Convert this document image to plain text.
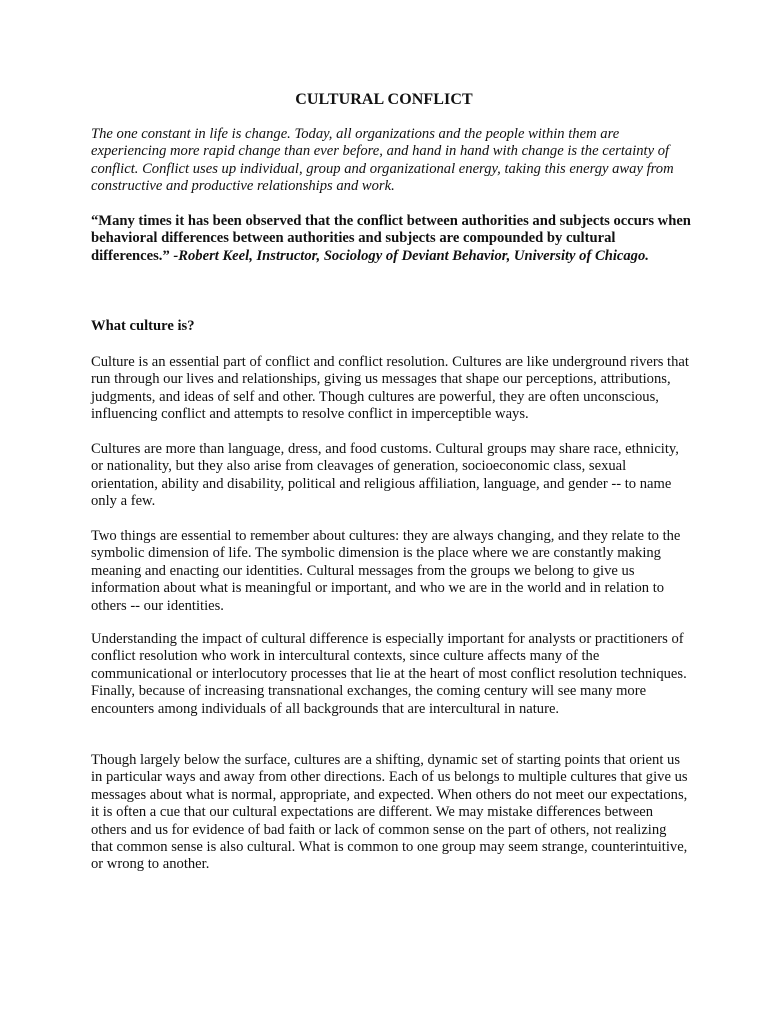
CULTURAL CONFLICT
The one constant in life is change. Today, all organizations and the people within them are experiencing more rapid change than ever before, and hand in hand with change is the certainty of conflict. Conflict uses up individual, group and organizational energy, taking this energy away from constructive and productive relationships and work.
“Many times it has been observed that the conflict between authorities and subjects occurs when behavioral differences between authorities and subjects are compounded by cultural differences.” -Robert Keel, Instructor, Sociology of Deviant Behavior, University of Chicago.
What culture is?
Culture is an essential part of conflict and conflict resolution. Cultures are like underground rivers that run through our lives and relationships, giving us messages that shape our perceptions, attributions, judgments, and ideas of self and other. Though cultures are powerful, they are often unconscious, influencing conflict and attempts to resolve conflict in imperceptible ways.
Cultures are more than language, dress, and food customs. Cultural groups may share race, ethnicity, or nationality, but they also arise from cleavages of generation, socioeconomic class, sexual orientation, ability and disability, political and religious affiliation, language, and gender -- to name only a few.
Two things are essential to remember about cultures: they are always changing, and they relate to the symbolic dimension of life. The symbolic dimension is the place where we are constantly making meaning and enacting our identities. Cultural messages from the groups we belong to give us information about what is meaningful or important, and who we are in the world and in relation to others -- our identities.
Understanding the impact of cultural difference is especially important for analysts or practitioners of conflict resolution who work in intercultural contexts, since culture affects many of the communicational or interlocutory processes that lie at the heart of most conflict resolution techniques. Finally, because of increasing transnational exchanges, the coming century will see many more encounters among individuals of all backgrounds that are intercultural in nature.
Though largely below the surface, cultures are a shifting, dynamic set of starting points that orient us in particular ways and away from other directions. Each of us belongs to multiple cultures that give us messages about what is normal, appropriate, and expected. When others do not meet our expectations, it is often a cue that our cultural expectations are different. We may mistake differences between others and us for evidence of bad faith or lack of common sense on the part of others, not realizing that common sense is also cultural. What is common to one group may seem strange, counterintuitive, or wrong to another.
